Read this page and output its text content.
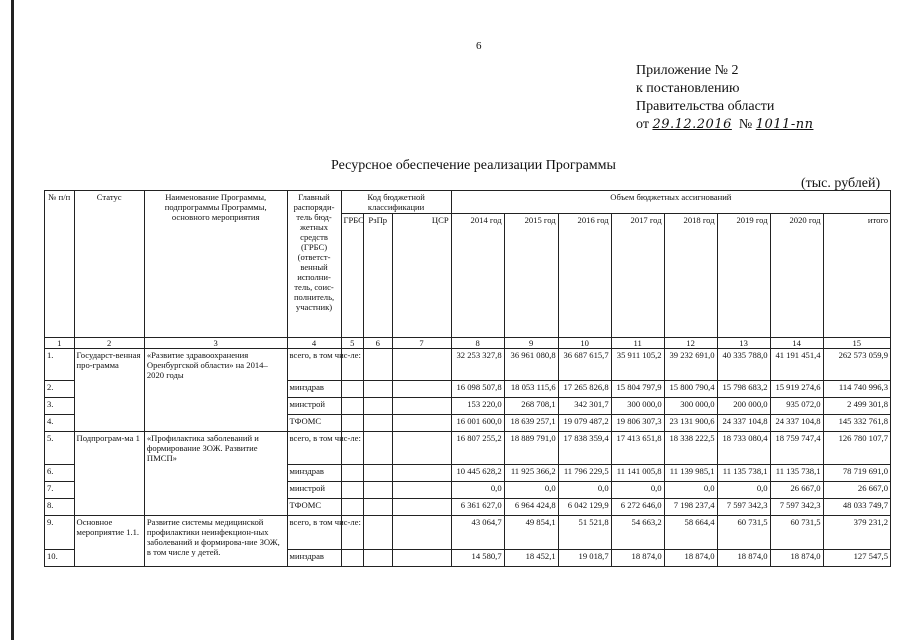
6
Приложение № 2
к постановлению
Правительства области
от 29.12.2016 № 1011-пп
Ресурсное обеспечение реализации Программы
(тыс. рублей)
№ п/п	Статус	Наименование Программы, подпрограммы Программы, основного мероприятия	Главный распоряди-тель бюд-жетных средств (ГРБС) (ответст-венный исполни-тель, соис-полнитель, участник)	Код бюджетной классификации			Объем бюджетных ассигнований							
				ГРБС	РзПр	ЦСР	2014 год	2015 год	2016 год	2017 год	2018 год	2019 год	2020 год	итого
1	2	3	4	5	6	7	8	9	10	11	12	13	14	15
1.	Государст-венная про-грамма	«Развитие здравоохранения Оренбургской области» на 2014–2020 годы	всего, в том чис-ле:				32 253 327,8	36 961 080,8	36 687 615,7	35 911 105,2	39 232 691,0	40 335 788,0	41 191 451,4	262 573 059,9
2.			минздрав				16 098 507,8	18 053 115,6	17 265 826,8	15 804 797,9	15 800 790,4	15 798 683,2	15 919 274,6	114 740 996,3
3.			минстрой				153 220,0	268 708,1	342 301,7	300 000,0	300 000,0	200 000,0	935 072,0	2 499 301,8
4.			ТФОМС				16 001 600,0	18 639 257,1	19 079 487,2	19 806 307,3	23 131 900,6	24 337 104,8	24 337 104,8	145 332 761,8
5.	Подпрограм-ма 1	«Профилактика заболеваний и формирование ЗОЖ. Развитие ПМСП»	всего, в том чис-ле:				16 807 255,2	18 889 791,0	17 838 359,4	17 413 651,8	18 338 222,5	18 733 080,4	18 759 747,4	126 780 107,7
6.			минздрав				10 445 628,2	11 925 366,2	11 796 229,5	11 141 005,8	11 139 985,1	11 135 738,1	11 135 738,1	78 719 691,0
7.			минстрой				0,0	0,0	0,0	0,0	0,0	0,0	26 667,0	26 667,0
8.			ТФОМС				6 361 627,0	6 964 424,8	6 042 129,9	6 272 646,0	7 198 237,4	7 597 342,3	7 597 342,3	48 033 749,7
9.	Основное мероприятие 1.1.	Развитие системы медицинской профилактики неинфекцион-ных заболеваний и формирова-ние ЗОЖ, в том числе у детей.	всего, в том чис-ле:				43 064,7	49 854,1	51 521,8	54 663,2	58 664,4	60 731,5	60 731,5	379 231,2
10.			минздрав				14 580,7	18 452,1	19 018,7	18 874,0	18 874,0	18 874,0	18 874,0	127 547,5
